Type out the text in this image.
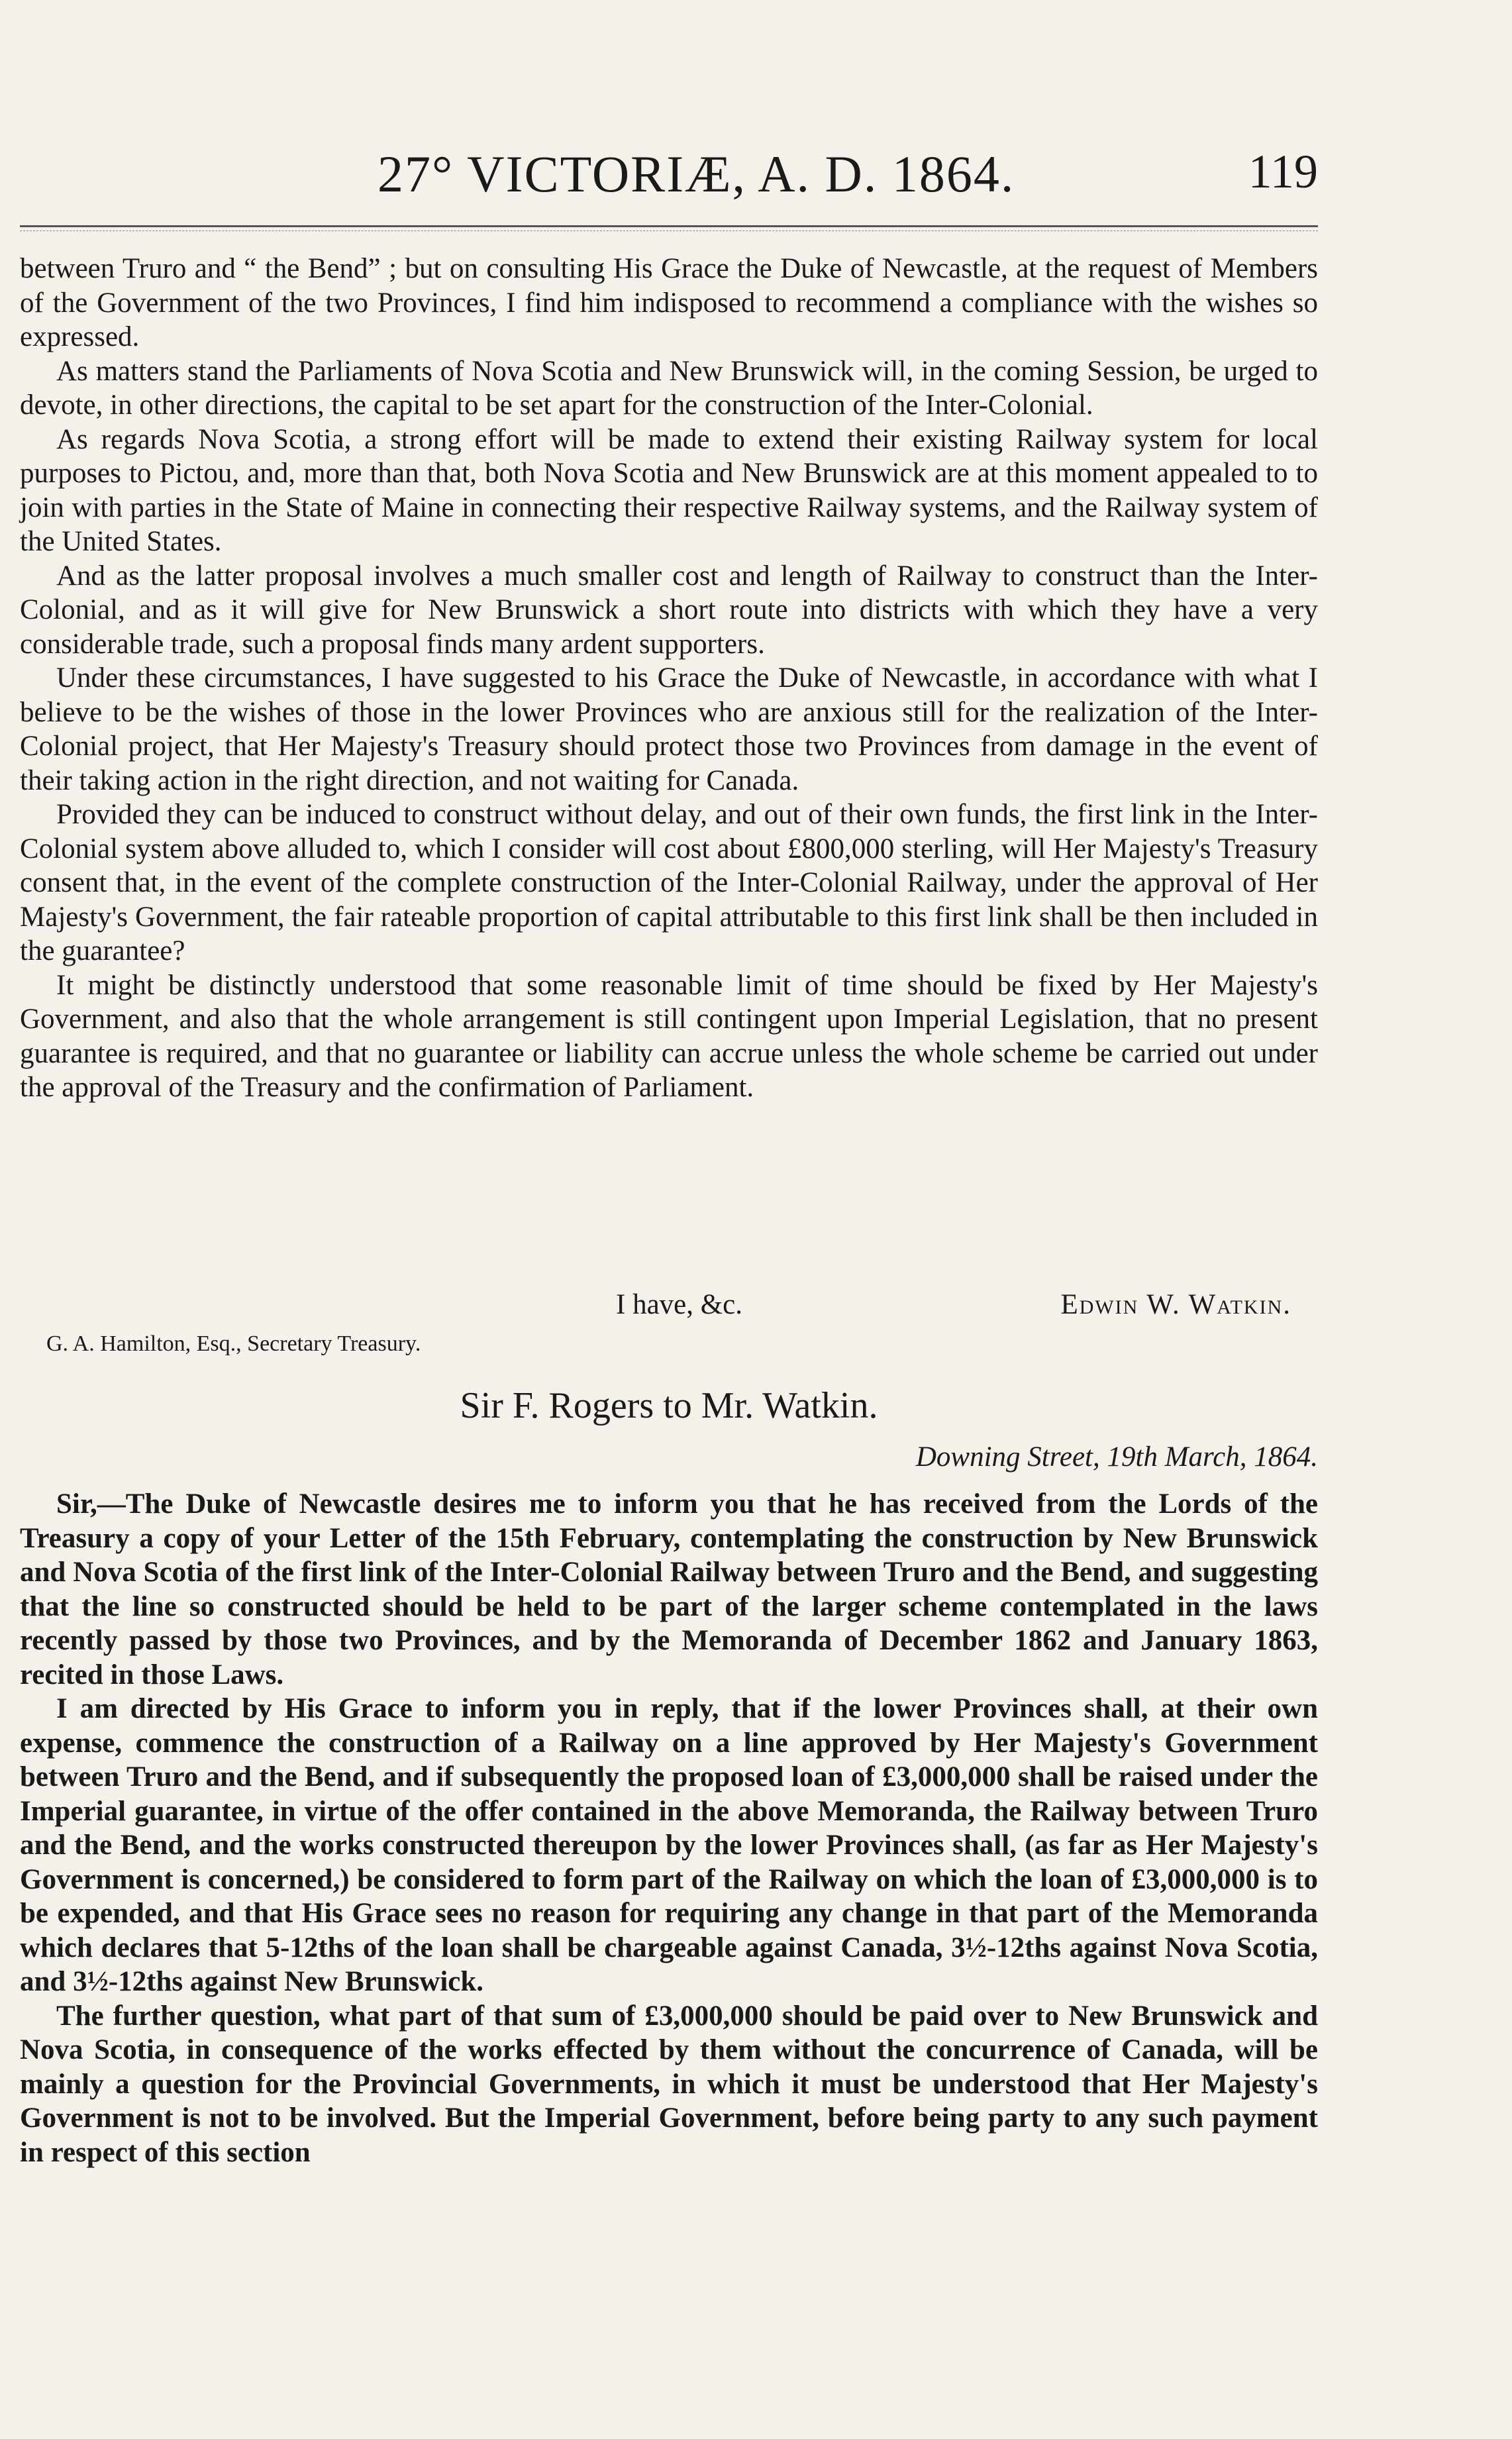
27° VICTORIÆ, A. D. 1864.	119

between Truro and “ the Bend” ; but on consulting His Grace the Duke of Newcastle, at the request of Members of the Government of the two Provinces, I find him indisposed to recommend a compliance with the wishes so expressed.

As matters stand the Parliaments of Nova Scotia and New Brunswick will, in the coming Session, be urged to devote, in other directions, the capital to be set apart for the construction of the Inter-Colonial.

As regards Nova Scotia, a strong effort will be made to extend their existing Railway system for local purposes to Pictou, and, more than that, both Nova Scotia and New Brunswick are at this moment appealed to to join with parties in the State of Maine in connecting their respective Railway systems, and the Railway system of the United States.

And as the latter proposal involves a much smaller cost and length of Railway to construct than the Inter-Colonial, and as it will give for New Brunswick a short route into districts with which they have a very considerable trade, such a proposal finds many ardent supporters.

Under these circumstances, I have suggested to his Grace the Duke of Newcastle, in accordance with what I believe to be the wishes of those in the lower Provinces who are anxious still for the realization of the Inter-Colonial project, that Her Majesty's Treasury should protect those two Provinces from damage in the event of their taking action in the right direction, and not waiting for Canada.

Provided they can be induced to construct without delay, and out of their own funds, the first link in the Inter-Colonial system above alluded to, which I consider will cost about £800,000 sterling, will Her Majesty's Treasury consent that, in the event of the complete construction of the Inter-Colonial Railway, under the approval of Her Majesty's Government, the fair rateable proportion of capital attributable to this first link shall be then included in the guarantee?

It might be distinctly understood that some reasonable limit of time should be fixed by Her Majesty's Government, and also that the whole arrangement is still contingent upon Imperial Legislation, that no present guarantee is required, and that no guarantee or liability can accrue unless the whole scheme be carried out under the approval of the Treasury and the confirmation of Parliament.

I have, &c.	Edwin W. Watkin.
G. A. Hamilton, Esq., Secretary Treasury.
Sir F. Rogers to Mr. Watkin.
Downing Street, 19th March, 1864.

Sir,—The Duke of Newcastle desires me to inform you that he has received from the Lords of the Treasury a copy of your Letter of the 15th February, contemplating the construction by New Brunswick and Nova Scotia of the first link of the Inter-Colonial Railway between Truro and the Bend, and suggesting that the line so constructed should be held to be part of the larger scheme contemplated in the laws recently passed by those two Provinces, and by the Memoranda of December 1862 and January 1863, recited in those Laws.

I am directed by His Grace to inform you in reply, that if the lower Provinces shall, at their own expense, commence the construction of a Railway on a line approved by Her Majesty's Government between Truro and the Bend, and if subsequently the proposed loan of £3,000,000 shall be raised under the Imperial guarantee, in virtue of the offer contained in the above Memoranda, the Railway between Truro and the Bend, and the works constructed thereupon by the lower Provinces shall, (as far as Her Majesty's Government is concerned,) be considered to form part of the Railway on which the loan of £3,000,000 is to be expended, and that His Grace sees no reason for requiring any change in that part of the Memoranda which declares that 5-12ths of the loan shall be chargeable against Canada, 3½-12ths against Nova Scotia, and 3½-12ths against New Brunswick.

The further question, what part of that sum of £3,000,000 should be paid over to New Brunswick and Nova Scotia, in consequence of the works effected by them without the concurrence of Canada, will be mainly a question for the Provincial Governments, in which it must be understood that Her Majesty's Government is not to be involved. But the Imperial Government, before being party to any such payment in respect of this section
